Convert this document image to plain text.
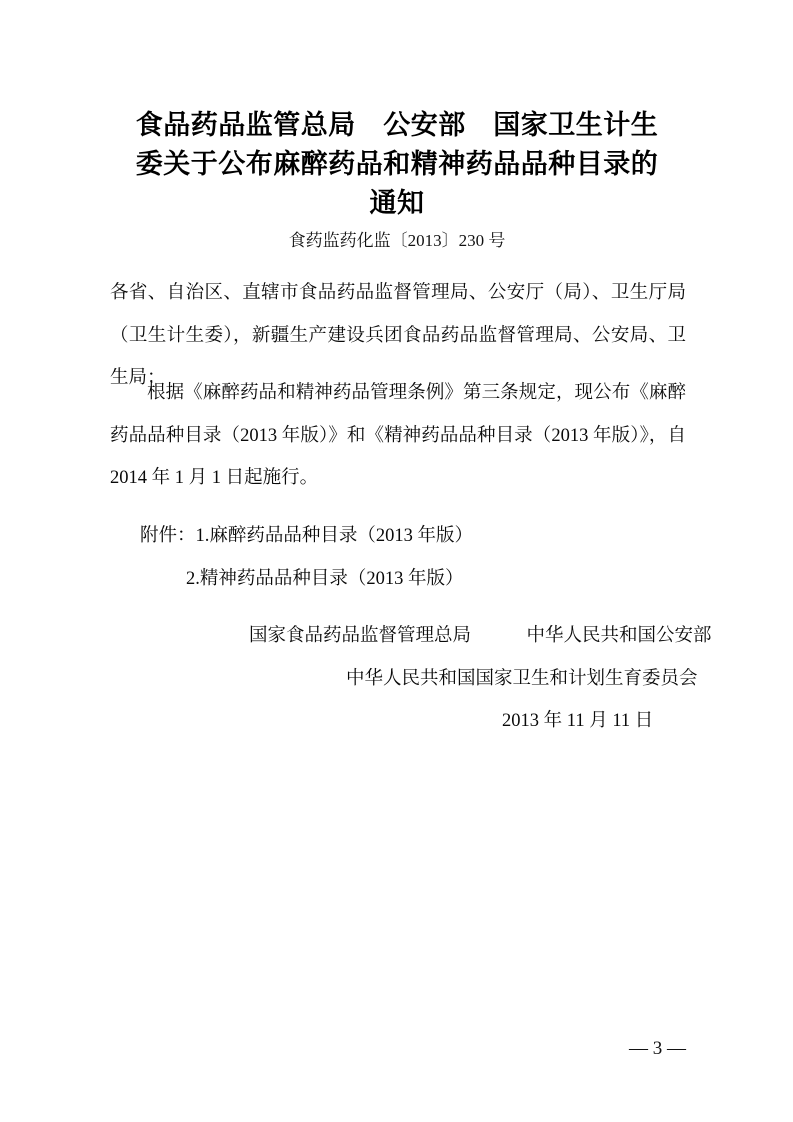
食品药品监管总局　公安部　国家卫生计生
委关于公布麻醉药品和精神药品品种目录的
通知
食药监药化监〔2013〕230 号
各省、自治区、直辖市食品药品监督管理局、公安厅（局）、卫生厅局（卫生计生委），新疆生产建设兵团食品药品监督管理局、公安局、卫生局：
根据《麻醉药品和精神药品管理条例》第三条规定，现公布《麻醉药品品种目录（2013 年版）》和《精神药品品种目录（2013 年版）》，自 2014 年 1 月 1 日起施行。
附件：1.麻醉药品品种目录（2013 年版）
2.精神药品品种目录（2013 年版）
国家食品药品监督管理总局　　　中华人民共和国公安部
中华人民共和国国家卫生和计划生育委员会
2013 年 11 月 11 日
— 3 —
